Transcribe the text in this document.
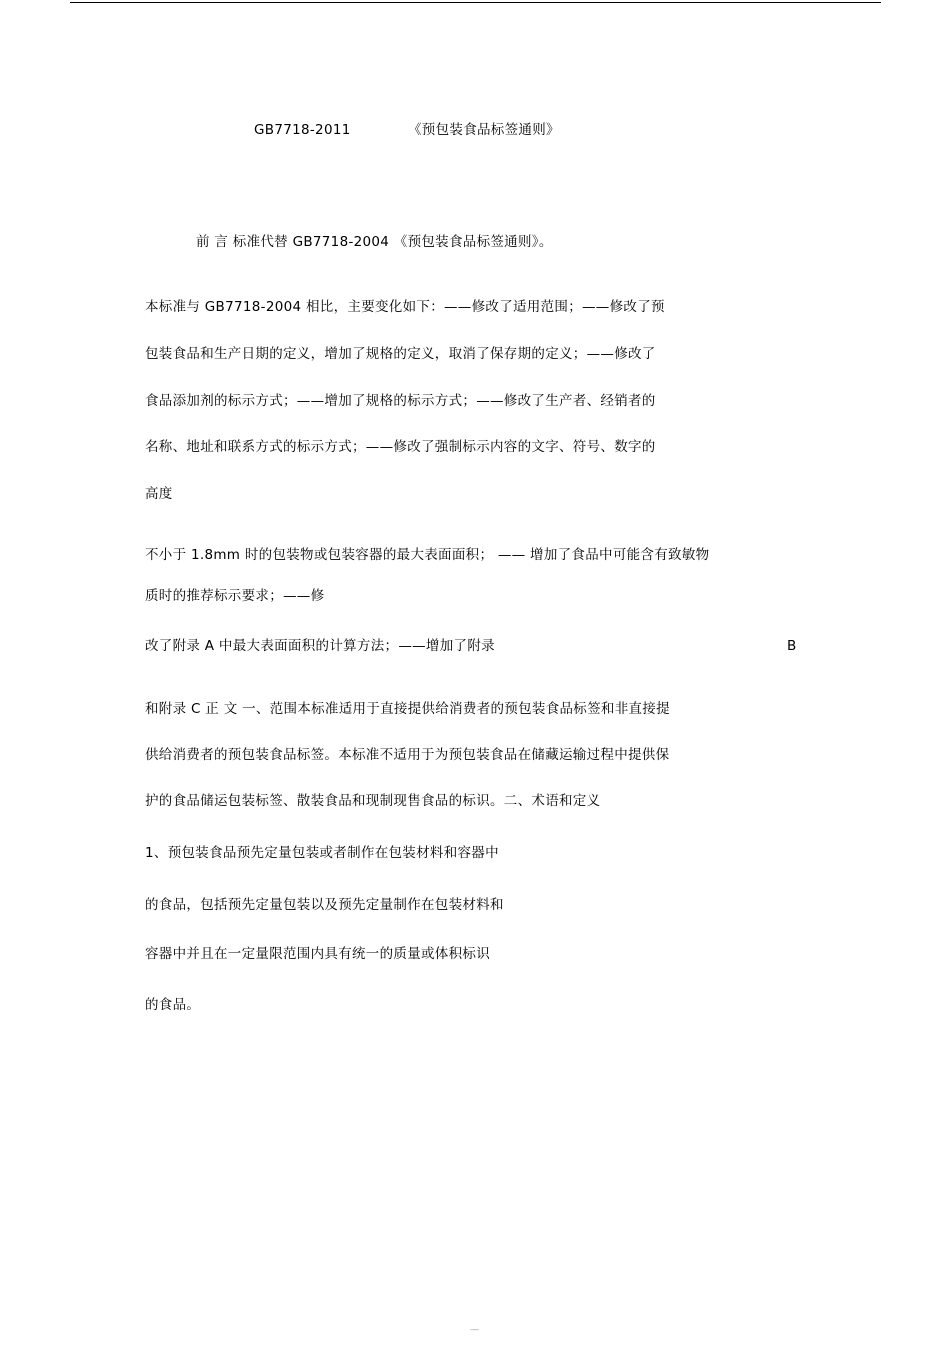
GB7718-2011	《预包装食品标签通则》
前 言 标准代替 GB7718-2004 《预包装食品标签通则》。
本标准与 GB7718-2004 相比，主要变化如下：——修改了适用范围；——修改了预
包装食品和生产日期的定义，增加了规格的定义，取消了保存期的定义；——修改了
食品添加剂的标示方式；——增加了规格的标示方式；——修改了生产者、经销者的
名称、地址和联系方式的标示方式；——修改了强制标示内容的文字、符号、数字的
高度
不小于 1.8mm 时的包装物或包装容器的最大表面面积； —— 增加了食品中可能含有致敏物
质时的推荐标示要求；——修
改了附录 A 中最大表面面积的计算方法；——增加了附录	B
和附录 C 正 文 一、范围本标准适用于直接提供给消费者的预包装食品标签和非直接提
供给消费者的预包装食品标签。本标准不适用于为预包装食品在储藏运输过程中提供保
护的食品储运包装标签、散装食品和现制现售食品的标识。二、术语和定义
1、预包装食品预先定量包装或者制作在包装材料和容器中
的食品，包括预先定量包装以及预先定量制作在包装材料和
容器中并且在一定量限范围内具有统一的质量或体积标识
的食品。
—
